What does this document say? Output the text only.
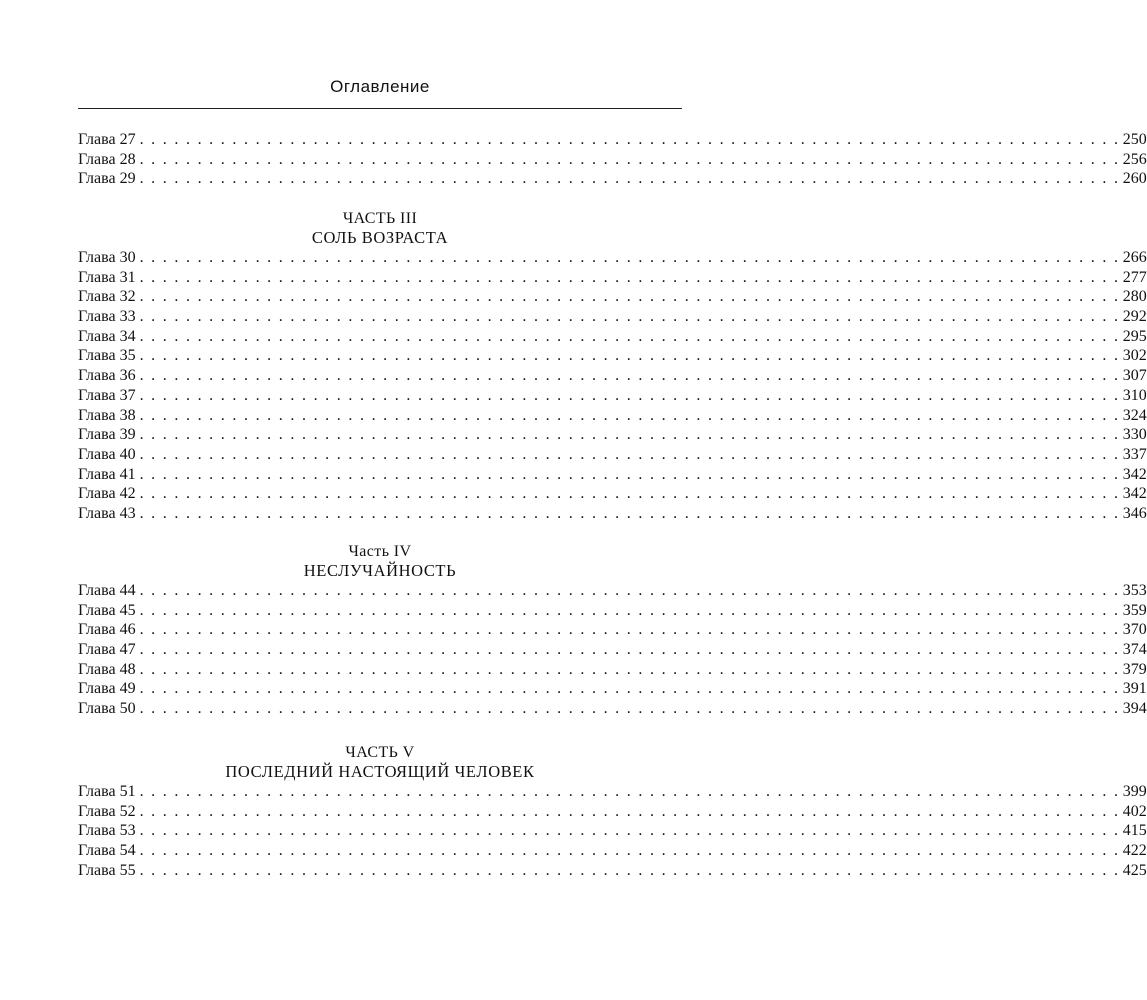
Оглавление
Глава 27 . . . . . . . . . . . . . . . . . . . . . . . . . . . . . . . . . . . . . . . . . . . . . . . . . . . . . . . . . . . . . . . . . . . . . . . . . . . . . . . . . . . . . 250
Глава 28 . . . . . . . . . . . . . . . . . . . . . . . . . . . . . . . . . . . . . . . . . . . . . . . . . . . . . . . . . . . . . . . . . . . . . . . . . . . . . . . . . . . . . 256
Глава 29 . . . . . . . . . . . . . . . . . . . . . . . . . . . . . . . . . . . . . . . . . . . . . . . . . . . . . . . . . . . . . . . . . . . . . . . . . . . . . . . . . . . . . 260
ЧАСТЬ III
СОЛЬ ВОЗРАСТА
Глава 30 . . . . . . . . . . . . . . . . . . . . . . . . . . . . . . . . . . . . . . . . . . . . . . . . . . . . . . . . . . . . . . . . . . . . . . . . . . . . . . . . . . . . . 266
Глава 31 . . . . . . . . . . . . . . . . . . . . . . . . . . . . . . . . . . . . . . . . . . . . . . . . . . . . . . . . . . . . . . . . . . . . . . . . . . . . . . . . . . . . . 277
Глава 32 . . . . . . . . . . . . . . . . . . . . . . . . . . . . . . . . . . . . . . . . . . . . . . . . . . . . . . . . . . . . . . . . . . . . . . . . . . . . . . . . . . . . . 280
Глава 33 . . . . . . . . . . . . . . . . . . . . . . . . . . . . . . . . . . . . . . . . . . . . . . . . . . . . . . . . . . . . . . . . . . . . . . . . . . . . . . . . . . . . . 292
Глава 34 . . . . . . . . . . . . . . . . . . . . . . . . . . . . . . . . . . . . . . . . . . . . . . . . . . . . . . . . . . . . . . . . . . . . . . . . . . . . . . . . . . . . . 295
Глава 35 . . . . . . . . . . . . . . . . . . . . . . . . . . . . . . . . . . . . . . . . . . . . . . . . . . . . . . . . . . . . . . . . . . . . . . . . . . . . . . . . . . . . . 302
Глава 36 . . . . . . . . . . . . . . . . . . . . . . . . . . . . . . . . . . . . . . . . . . . . . . . . . . . . . . . . . . . . . . . . . . . . . . . . . . . . . . . . . . . . . 307
Глава 37 . . . . . . . . . . . . . . . . . . . . . . . . . . . . . . . . . . . . . . . . . . . . . . . . . . . . . . . . . . . . . . . . . . . . . . . . . . . . . . . . . . . . . 310
Глава 38 . . . . . . . . . . . . . . . . . . . . . . . . . . . . . . . . . . . . . . . . . . . . . . . . . . . . . . . . . . . . . . . . . . . . . . . . . . . . . . . . . . . . . 324
Глава 39 . . . . . . . . . . . . . . . . . . . . . . . . . . . . . . . . . . . . . . . . . . . . . . . . . . . . . . . . . . . . . . . . . . . . . . . . . . . . . . . . . . . . . 330
Глава 40 . . . . . . . . . . . . . . . . . . . . . . . . . . . . . . . . . . . . . . . . . . . . . . . . . . . . . . . . . . . . . . . . . . . . . . . . . . . . . . . . . . . . . 337
Глава 41 . . . . . . . . . . . . . . . . . . . . . . . . . . . . . . . . . . . . . . . . . . . . . . . . . . . . . . . . . . . . . . . . . . . . . . . . . . . . . . . . . . . . . 342
Глава 42 . . . . . . . . . . . . . . . . . . . . . . . . . . . . . . . . . . . . . . . . . . . . . . . . . . . . . . . . . . . . . . . . . . . . . . . . . . . . . . . . . . . . . 342
Глава 43 . . . . . . . . . . . . . . . . . . . . . . . . . . . . . . . . . . . . . . . . . . . . . . . . . . . . . . . . . . . . . . . . . . . . . . . . . . . . . . . . . . . . . 346
Часть IV
НЕСЛУЧАЙНОСТЬ
Глава 44 . . . . . . . . . . . . . . . . . . . . . . . . . . . . . . . . . . . . . . . . . . . . . . . . . . . . . . . . . . . . . . . . . . . . . . . . . . . . . . . . . . . . . 353
Глава 45 . . . . . . . . . . . . . . . . . . . . . . . . . . . . . . . . . . . . . . . . . . . . . . . . . . . . . . . . . . . . . . . . . . . . . . . . . . . . . . . . . . . . . 359
Глава 46 . . . . . . . . . . . . . . . . . . . . . . . . . . . . . . . . . . . . . . . . . . . . . . . . . . . . . . . . . . . . . . . . . . . . . . . . . . . . . . . . . . . . . 370
Глава 47 . . . . . . . . . . . . . . . . . . . . . . . . . . . . . . . . . . . . . . . . . . . . . . . . . . . . . . . . . . . . . . . . . . . . . . . . . . . . . . . . . . . . . 374
Глава 48 . . . . . . . . . . . . . . . . . . . . . . . . . . . . . . . . . . . . . . . . . . . . . . . . . . . . . . . . . . . . . . . . . . . . . . . . . . . . . . . . . . . . . 379
Глава 49 . . . . . . . . . . . . . . . . . . . . . . . . . . . . . . . . . . . . . . . . . . . . . . . . . . . . . . . . . . . . . . . . . . . . . . . . . . . . . . . . . . . . . 391
Глава 50 . . . . . . . . . . . . . . . . . . . . . . . . . . . . . . . . . . . . . . . . . . . . . . . . . . . . . . . . . . . . . . . . . . . . . . . . . . . . . . . . . . . . . 394
ЧАСТЬ V
ПОСЛЕДНИЙ НАСТОЯЩИЙ ЧЕЛОВЕК
Глава 51 . . . . . . . . . . . . . . . . . . . . . . . . . . . . . . . . . . . . . . . . . . . . . . . . . . . . . . . . . . . . . . . . . . . . . . . . . . . . . . . . . . . . . 399
Глава 52 . . . . . . . . . . . . . . . . . . . . . . . . . . . . . . . . . . . . . . . . . . . . . . . . . . . . . . . . . . . . . . . . . . . . . . . . . . . . . . . . . . . . . 402
Глава 53 . . . . . . . . . . . . . . . . . . . . . . . . . . . . . . . . . . . . . . . . . . . . . . . . . . . . . . . . . . . . . . . . . . . . . . . . . . . . . . . . . . . . . 415
Глава 54 . . . . . . . . . . . . . . . . . . . . . . . . . . . . . . . . . . . . . . . . . . . . . . . . . . . . . . . . . . . . . . . . . . . . . . . . . . . . . . . . . . . . . 422
Глава 55 . . . . . . . . . . . . . . . . . . . . . . . . . . . . . . . . . . . . . . . . . . . . . . . . . . . . . . . . . . . . . . . . . . . . . . . . . . . . . . . . . . . . . 425
